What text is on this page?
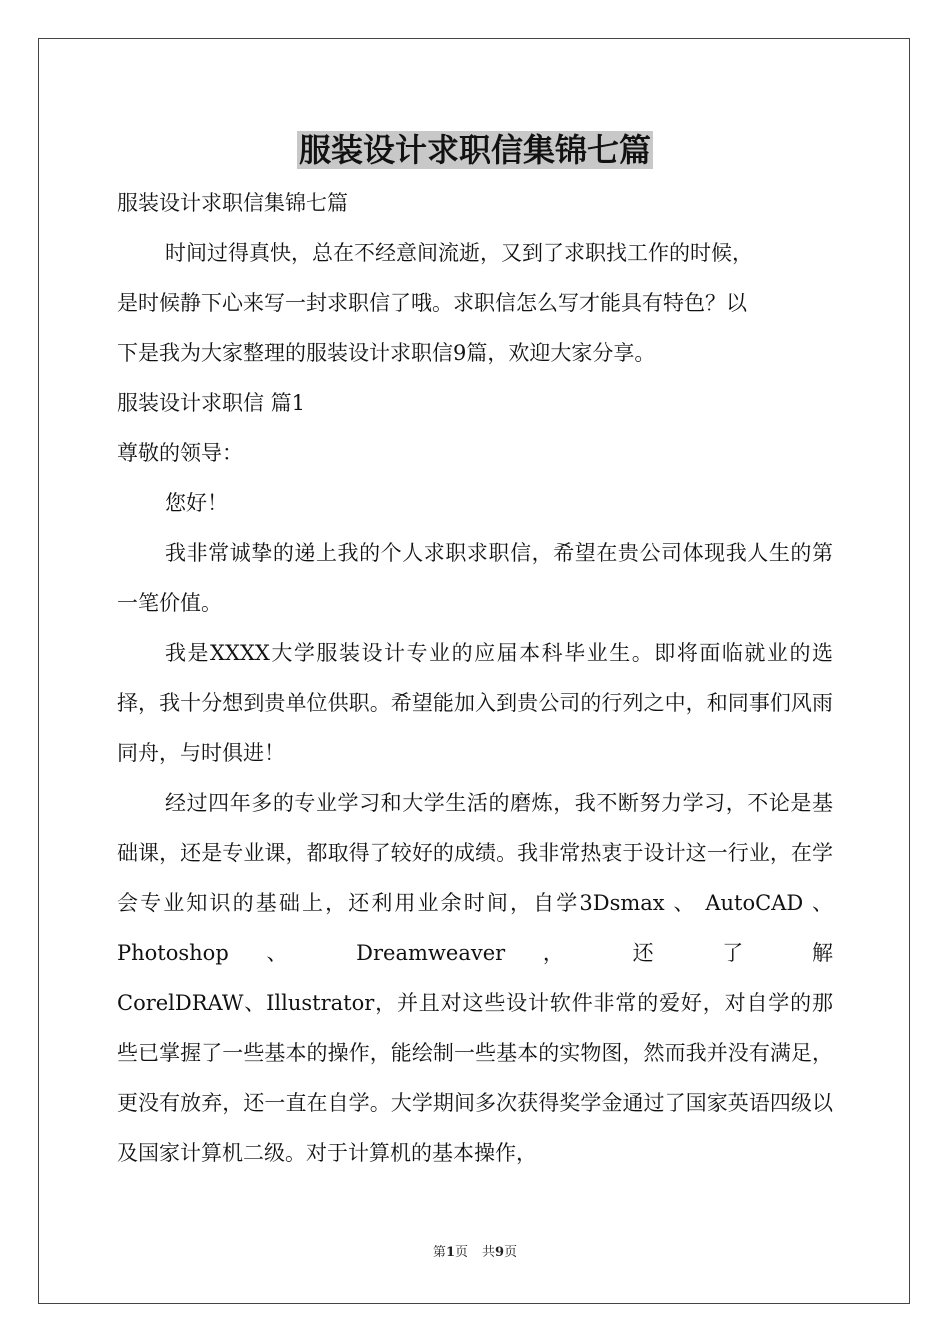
服装设计求职信集锦七篇

服装设计求职信集锦七篇

时间过得真快，总在不经意间流逝，又到了求职找工作的时候，

是时候静下心来写一封求职信了哦。求职信怎么写才能具有特色？以

下是我为大家整理的服装设计求职信9篇，欢迎大家分享。

服装设计求职信 篇1

尊敬的领导：

您好！

我非常诚挚的递上我的个人求职求职信，希望在贵公司体现我人生的第一笔价值。

我是XXXX大学服装设计专业的应届本科毕业生。即将面临就业的选择，我十分想到贵单位供职。希望能加入到贵公司的行列之中，和同事们风雨同舟，与时俱进！

经过四年多的专业学习和大学生活的磨炼，我不断努力学习，不论是基础课，还是专业课，都取得了较好的成绩。我非常热衷于设计这一行业，在学会专业知识的基础上，还利用业余时间，自学3Dsmax 、 AutoCAD 、 Photoshop 、 Dreamweaver ， 还 了 解

CorelDRAW、Illustrator，并且对这些设计软件非常的爱好，对自学的那些已掌握了一些基本的操作，能绘制一些基本的实物图，然而我并没有满足，更没有放弃，还一直在自学。大学期间多次获得奖学金通过了国家英语四级以及国家计算机二级。对于计算机的基本操作，

第1页 共9页
